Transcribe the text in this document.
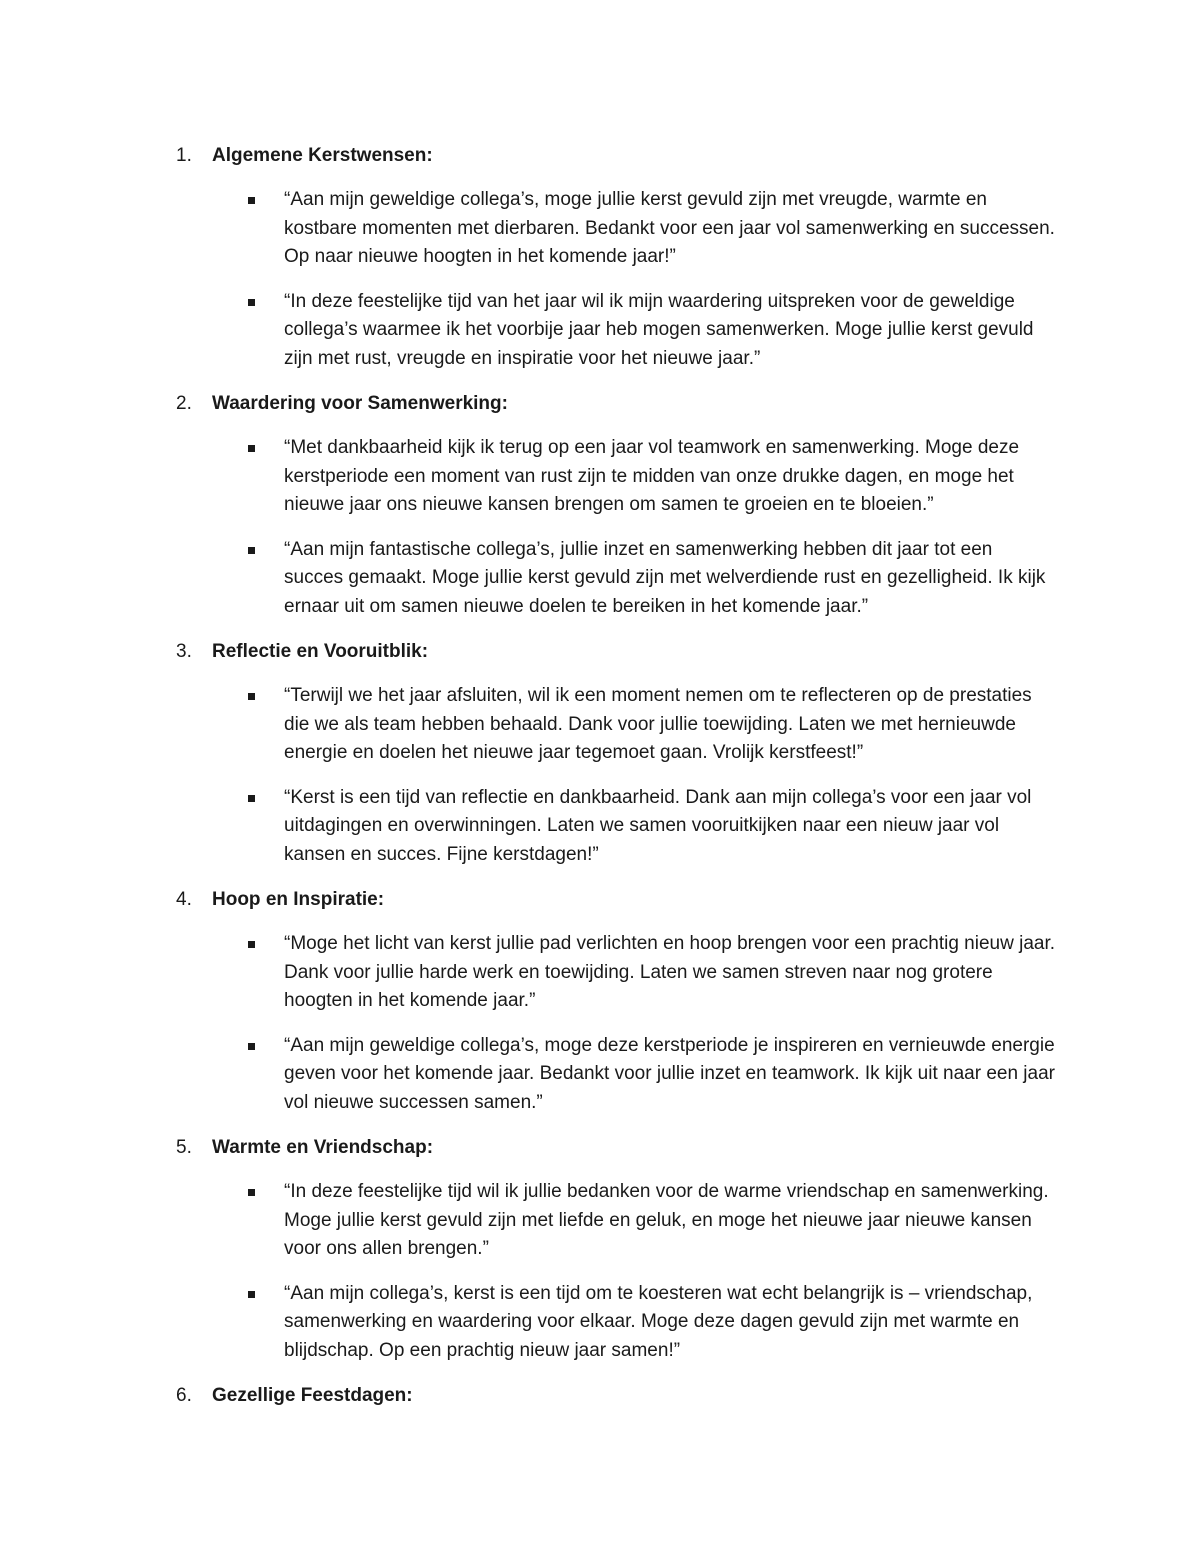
1.	Algemene Kerstwensen:
“Aan mijn geweldige collega’s, moge jullie kerst gevuld zijn met vreugde, warmte en kostbare momenten met dierbaren. Bedankt voor een jaar vol samenwerking en successen. Op naar nieuwe hoogten in het komende jaar!”
“In deze feestelijke tijd van het jaar wil ik mijn waardering uitspreken voor de geweldige collega’s waarmee ik het voorbije jaar heb mogen samenwerken. Moge jullie kerst gevuld zijn met rust, vreugde en inspiratie voor het nieuwe jaar.”
2.	Waardering voor Samenwerking:
“Met dankbaarheid kijk ik terug op een jaar vol teamwork en samenwerking. Moge deze kerstperiode een moment van rust zijn te midden van onze drukke dagen, en moge het nieuwe jaar ons nieuwe kansen brengen om samen te groeien en te bloeien.”
“Aan mijn fantastische collega’s, jullie inzet en samenwerking hebben dit jaar tot een succes gemaakt. Moge jullie kerst gevuld zijn met welverdiende rust en gezelligheid. Ik kijk ernaar uit om samen nieuwe doelen te bereiken in het komende jaar.”
3.	Reflectie en Vooruitblik:
“Terwijl we het jaar afsluiten, wil ik een moment nemen om te reflecteren op de prestaties die we als team hebben behaald. Dank voor jullie toewijding. Laten we met hernieuwde energie en doelen het nieuwe jaar tegemoet gaan. Vrolijk kerstfeest!”
“Kerst is een tijd van reflectie en dankbaarheid. Dank aan mijn collega’s voor een jaar vol uitdagingen en overwinningen. Laten we samen vooruitkijken naar een nieuw jaar vol kansen en succes. Fijne kerstdagen!”
4.	Hoop en Inspiratie:
“Moge het licht van kerst jullie pad verlichten en hoop brengen voor een prachtig nieuw jaar. Dank voor jullie harde werk en toewijding. Laten we samen streven naar nog grotere hoogten in het komende jaar.”
“Aan mijn geweldige collega’s, moge deze kerstperiode je inspireren en vernieuwde energie geven voor het komende jaar. Bedankt voor jullie inzet en teamwork. Ik kijk uit naar een jaar vol nieuwe successen samen.”
5.	Warmte en Vriendschap:
“In deze feestelijke tijd wil ik jullie bedanken voor de warme vriendschap en samenwerking. Moge jullie kerst gevuld zijn met liefde en geluk, en moge het nieuwe jaar nieuwe kansen voor ons allen brengen.”
“Aan mijn collega’s, kerst is een tijd om te koesteren wat echt belangrijk is – vriendschap, samenwerking en waardering voor elkaar. Moge deze dagen gevuld zijn met warmte en blijdschap. Op een prachtig nieuw jaar samen!”
6.	Gezellige Feestdagen:
